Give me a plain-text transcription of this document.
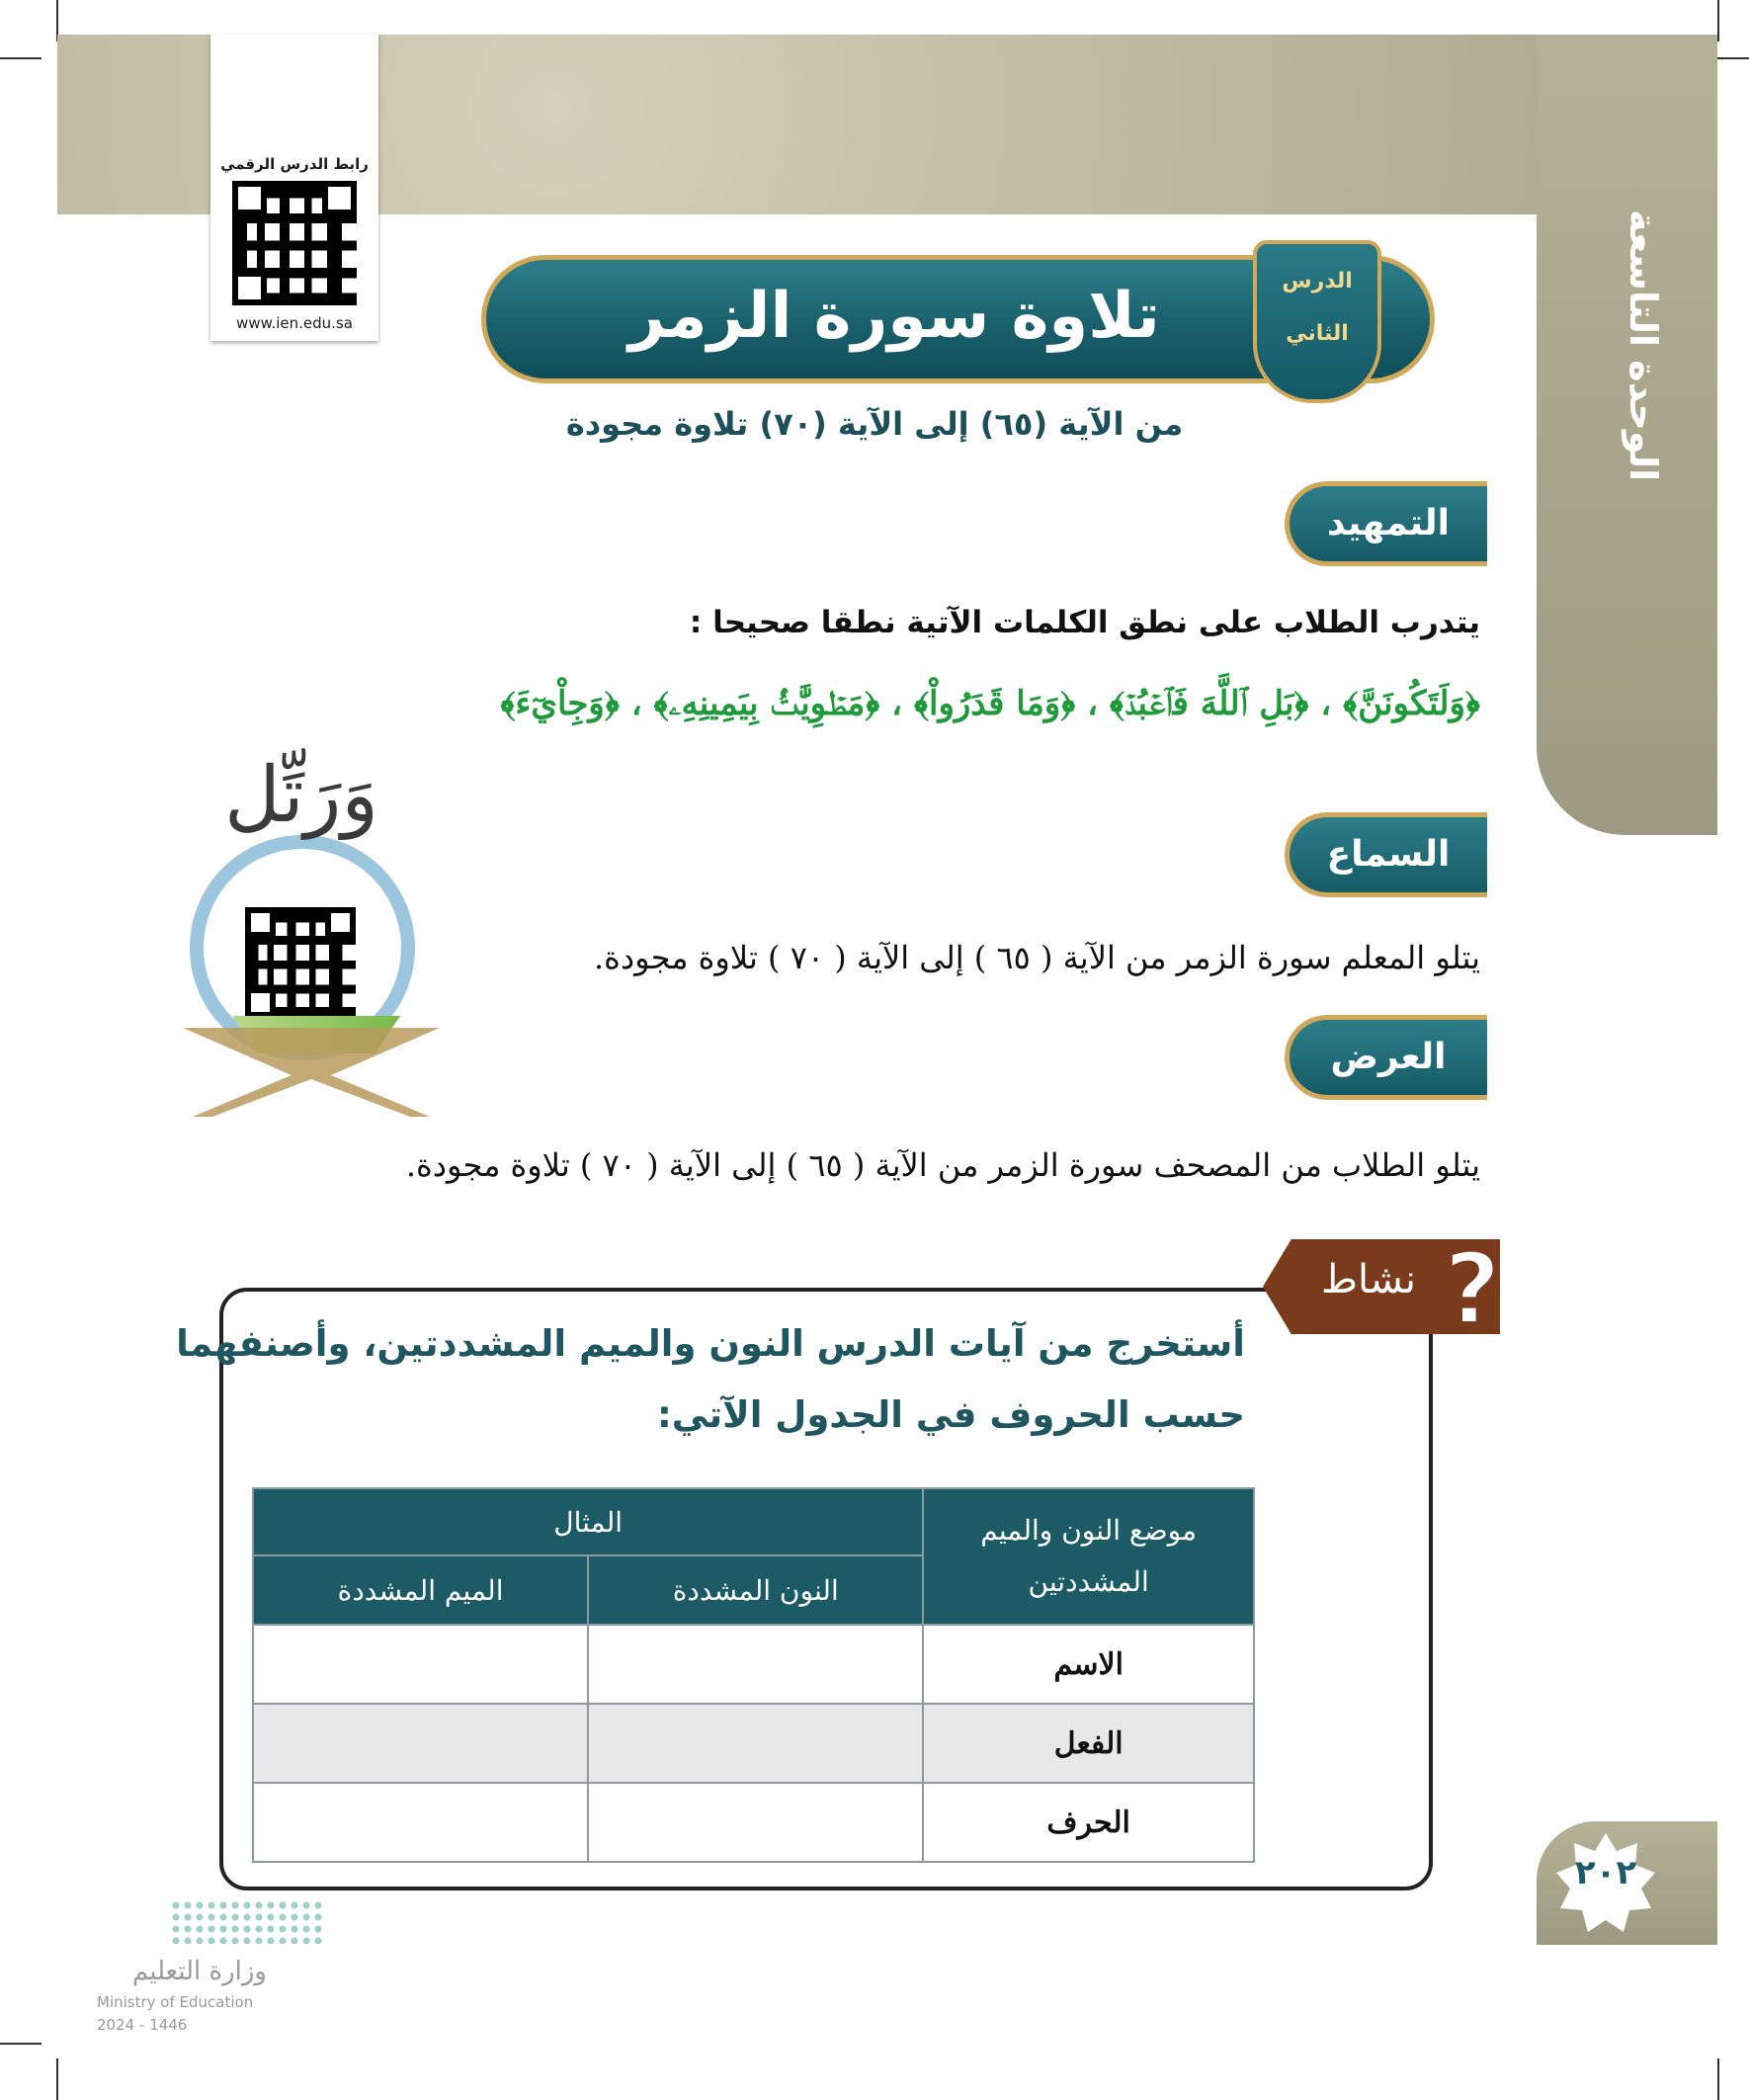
الوحدة التاسعة
رابط الدرس الرقمي
www.ien.edu.sa	تلاوة سورة الزمر	الدرس
الثاني
من الآية (٦٥) إلى الآية (٧٠) تلاوة مجودة
التمهيد
يتدرب الطلاب على نطق الكلمات الآتية نطقا صحيحا :
﴿وَلَتَكُونَنَّ﴾ ، ﴿بَلِ ٱللَّهَ فَٱعۡبُدۡ﴾ ، ﴿وَمَا قَدَرُواْ﴾ ، ﴿مَطۡوِيَّٰتُۢ بِيَمِينِهِۦ﴾ ، ﴿وَجِاْيٓءَ﴾
وَرَتِّل
السماع
يتلو المعلم سورة الزمر من الآية ( ٦٥ ) إلى الآية ( ٧٠ ) تلاوة مجودة.
العرض
يتلو الطلاب من المصحف سورة الزمر من الآية ( ٦٥ ) إلى الآية ( ٧٠ ) تلاوة مجودة.
نشاط ?
أستخرج من آيات الدرس النون والميم المشددتين، وأصنفهما
حسب الحروف في الجدول الآتي:
موضع النون والميم المشددتين	المثال	
	النون المشددة	الميم المشددة
الاسم		
الفعل		
الحرف		
٢٠٢
وزارة التعليم
Ministry of Education
2024 - 1446
